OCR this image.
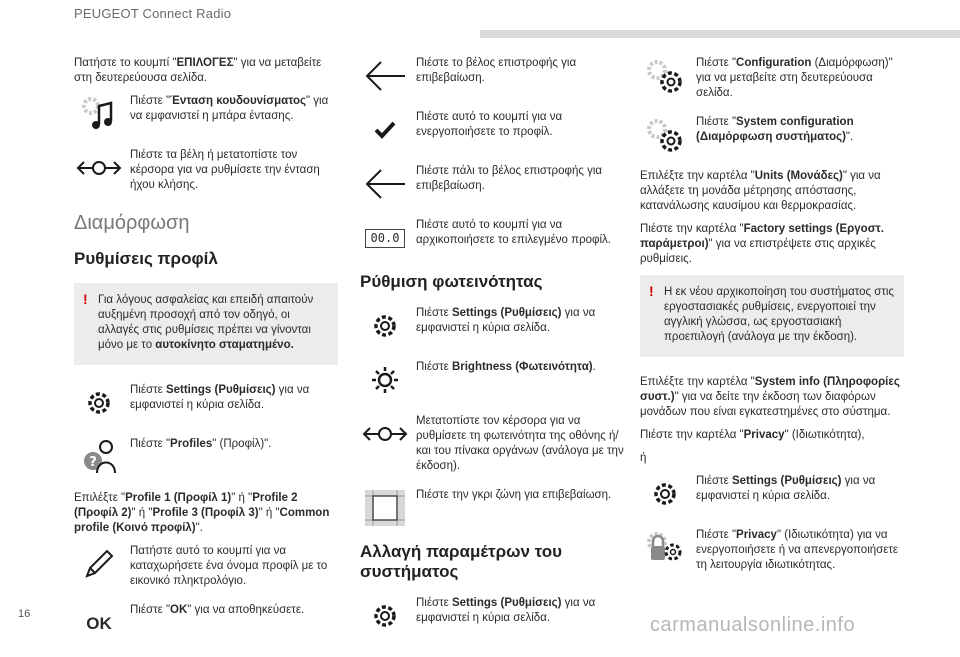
PEUGEOT Connect Radio

Πατήστε το κουμπί "ΕΠΙΛΟΓΕΣ" για να μεταβείτε στη δευτερεύουσα σελίδα.

Πιέστε "Ένταση κουδουνίσματος" για να εμφανιστεί η μπάρα έντασης.
Πιέστε τα βέλη ή μετατοπίστε τον κέρσορα για να ρυθμίσετε την ένταση ήχου κλήσης.
Διαμόρφωση
Ρυθμίσεις προφίλ
! Για λόγους ασφαλείας και επειδή απαιτούν αυξημένη προσοχή από τον οδηγό, οι αλλαγές στις ρυθμίσεις πρέπει να γίνονται μόνο με το αυτοκίνητο σταματημένο.
Πιέστε Settings (Ρυθμίσεις) για να εμφανιστεί η κύρια σελίδα.
?
Πιέστε "Profiles" (Προφίλ)".

Επιλέξτε "Profile 1 (Προφίλ 1)" ή "Profile 2 (Προφίλ 2)" ή "Profile 3 (Προφίλ 3)" ή "Common profile (Κοινό προφίλ)".

Πατήστε αυτό το κουμπί για να καταχωρήσετε ένα όνομα προφίλ με το εικονικό πληκτρολόγιο.
OK
Πιέστε "OK" για να αποθηκεύσετε.
Πιέστε το βέλος επιστροφής για επιβεβαίωση.
Πιέστε αυτό το κουμπί για να ενεργοποιήσετε το προφίλ.
Πιέστε πάλι το βέλος επιστροφής για επιβεβαίωση.
00.0
Πιέστε αυτό το κουμπί για να αρχικοποιήσετε το επιλεγμένο προφίλ.
Ρύθμιση φωτεινότητας
Πιέστε Settings (Ρυθμίσεις) για να εμφανιστεί η κύρια σελίδα.
Πιέστε Brightness (Φωτεινότητα).
Μετατοπίστε τον κέρσορα για να ρυθμίσετε τη φωτεινότητα της οθόνης ή/και του πίνακα οργάνων (ανάλογα με την έκδοση).
Πιέστε την γκρι ζώνη για επιβεβαίωση.
Αλλαγή παραμέτρων του συστήματος
Πιέστε Settings (Ρυθμίσεις) για να εμφανιστεί η κύρια σελίδα.
Πιέστε "Configuration (Διαμόρφωση)" για να μεταβείτε στη δευτερεύουσα σελίδα.
Πιέστε "System configuration (Διαμόρφωση συστήματος)".

Επιλέξτε την καρτέλα "Units (Μονάδες)" για να αλλάξετε τη μονάδα μέτρησης απόστασης, κατανάλωσης καυσίμου και θερμοκρασίας.

Πιέστε την καρτέλα "Factory settings (Εργοστ. παράμετροι)" για να επιστρέψετε στις αρχικές ρυθμίσεις.

! Η εκ νέου αρχικοποίηση του συστήματος στις εργοστασιακές ρυθμίσεις, ενεργοποιεί την αγγλική γλώσσα, ως εργοστασιακή προεπιλογή (ανάλογα με την έκδοση).

Επιλέξτε την καρτέλα "System info (Πληροφορίες συστ.)" για να δείτε την έκδοση των διαφόρων μονάδων που είναι εγκατεστημένες στο σύστημα.

Πιέστε την καρτέλα "Privacy" (Ιδιωτικότητα),

ή

Πιέστε Settings (Ρυθμίσεις) για να εμφανιστεί η κύρια σελίδα.
Πιέστε "Privacy" (Ιδιωτικότητα) για να ενεργοποιήσετε ή να απενεργοποιήσετε τη λειτουργία ιδιωτικότητας.
16	carmanualsonline.info
